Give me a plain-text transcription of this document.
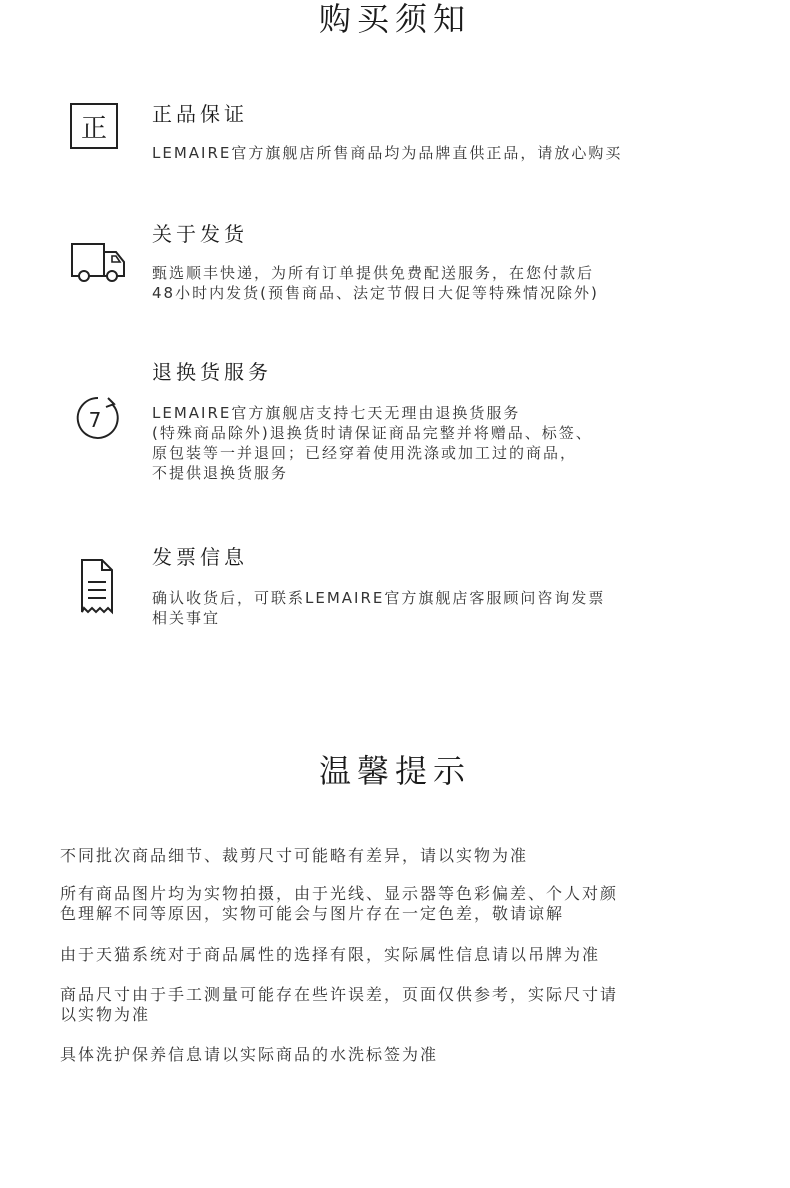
购买须知
正 正品保证
LEMAIRE官方旗舰店所售商品均为品牌直供正品，请放心购买
关于发货
甄选顺丰快递，为所有订单提供免费配送服务，在您付款后
48小时内发货(预售商品、法定节假日大促等特殊情况除外)
7
退换货服务
LEMAIRE官方旗舰店支持七天无理由退换货服务
(特殊商品除外)退换货时请保证商品完整并将赠品、标签、
原包装等一并退回；已经穿着使用洗涤或加工过的商品，
不提供退换货服务
发票信息
确认收货后，可联系LEMAIRE官方旗舰店客服顾问咨询发票
相关事宜
温馨提示
不同批次商品细节、裁剪尺寸可能略有差异，请以实物为准
所有商品图片均为实物拍摄，由于光线、显示器等色彩偏差、个人对颜
色理解不同等原因，实物可能会与图片存在一定色差，敬请谅解
由于天猫系统对于商品属性的选择有限，实际属性信息请以吊牌为准
商品尺寸由于手工测量可能存在些许误差，页面仅供参考，实际尺寸请
以实物为准
具体洗护保养信息请以实际商品的水洗标签为准
